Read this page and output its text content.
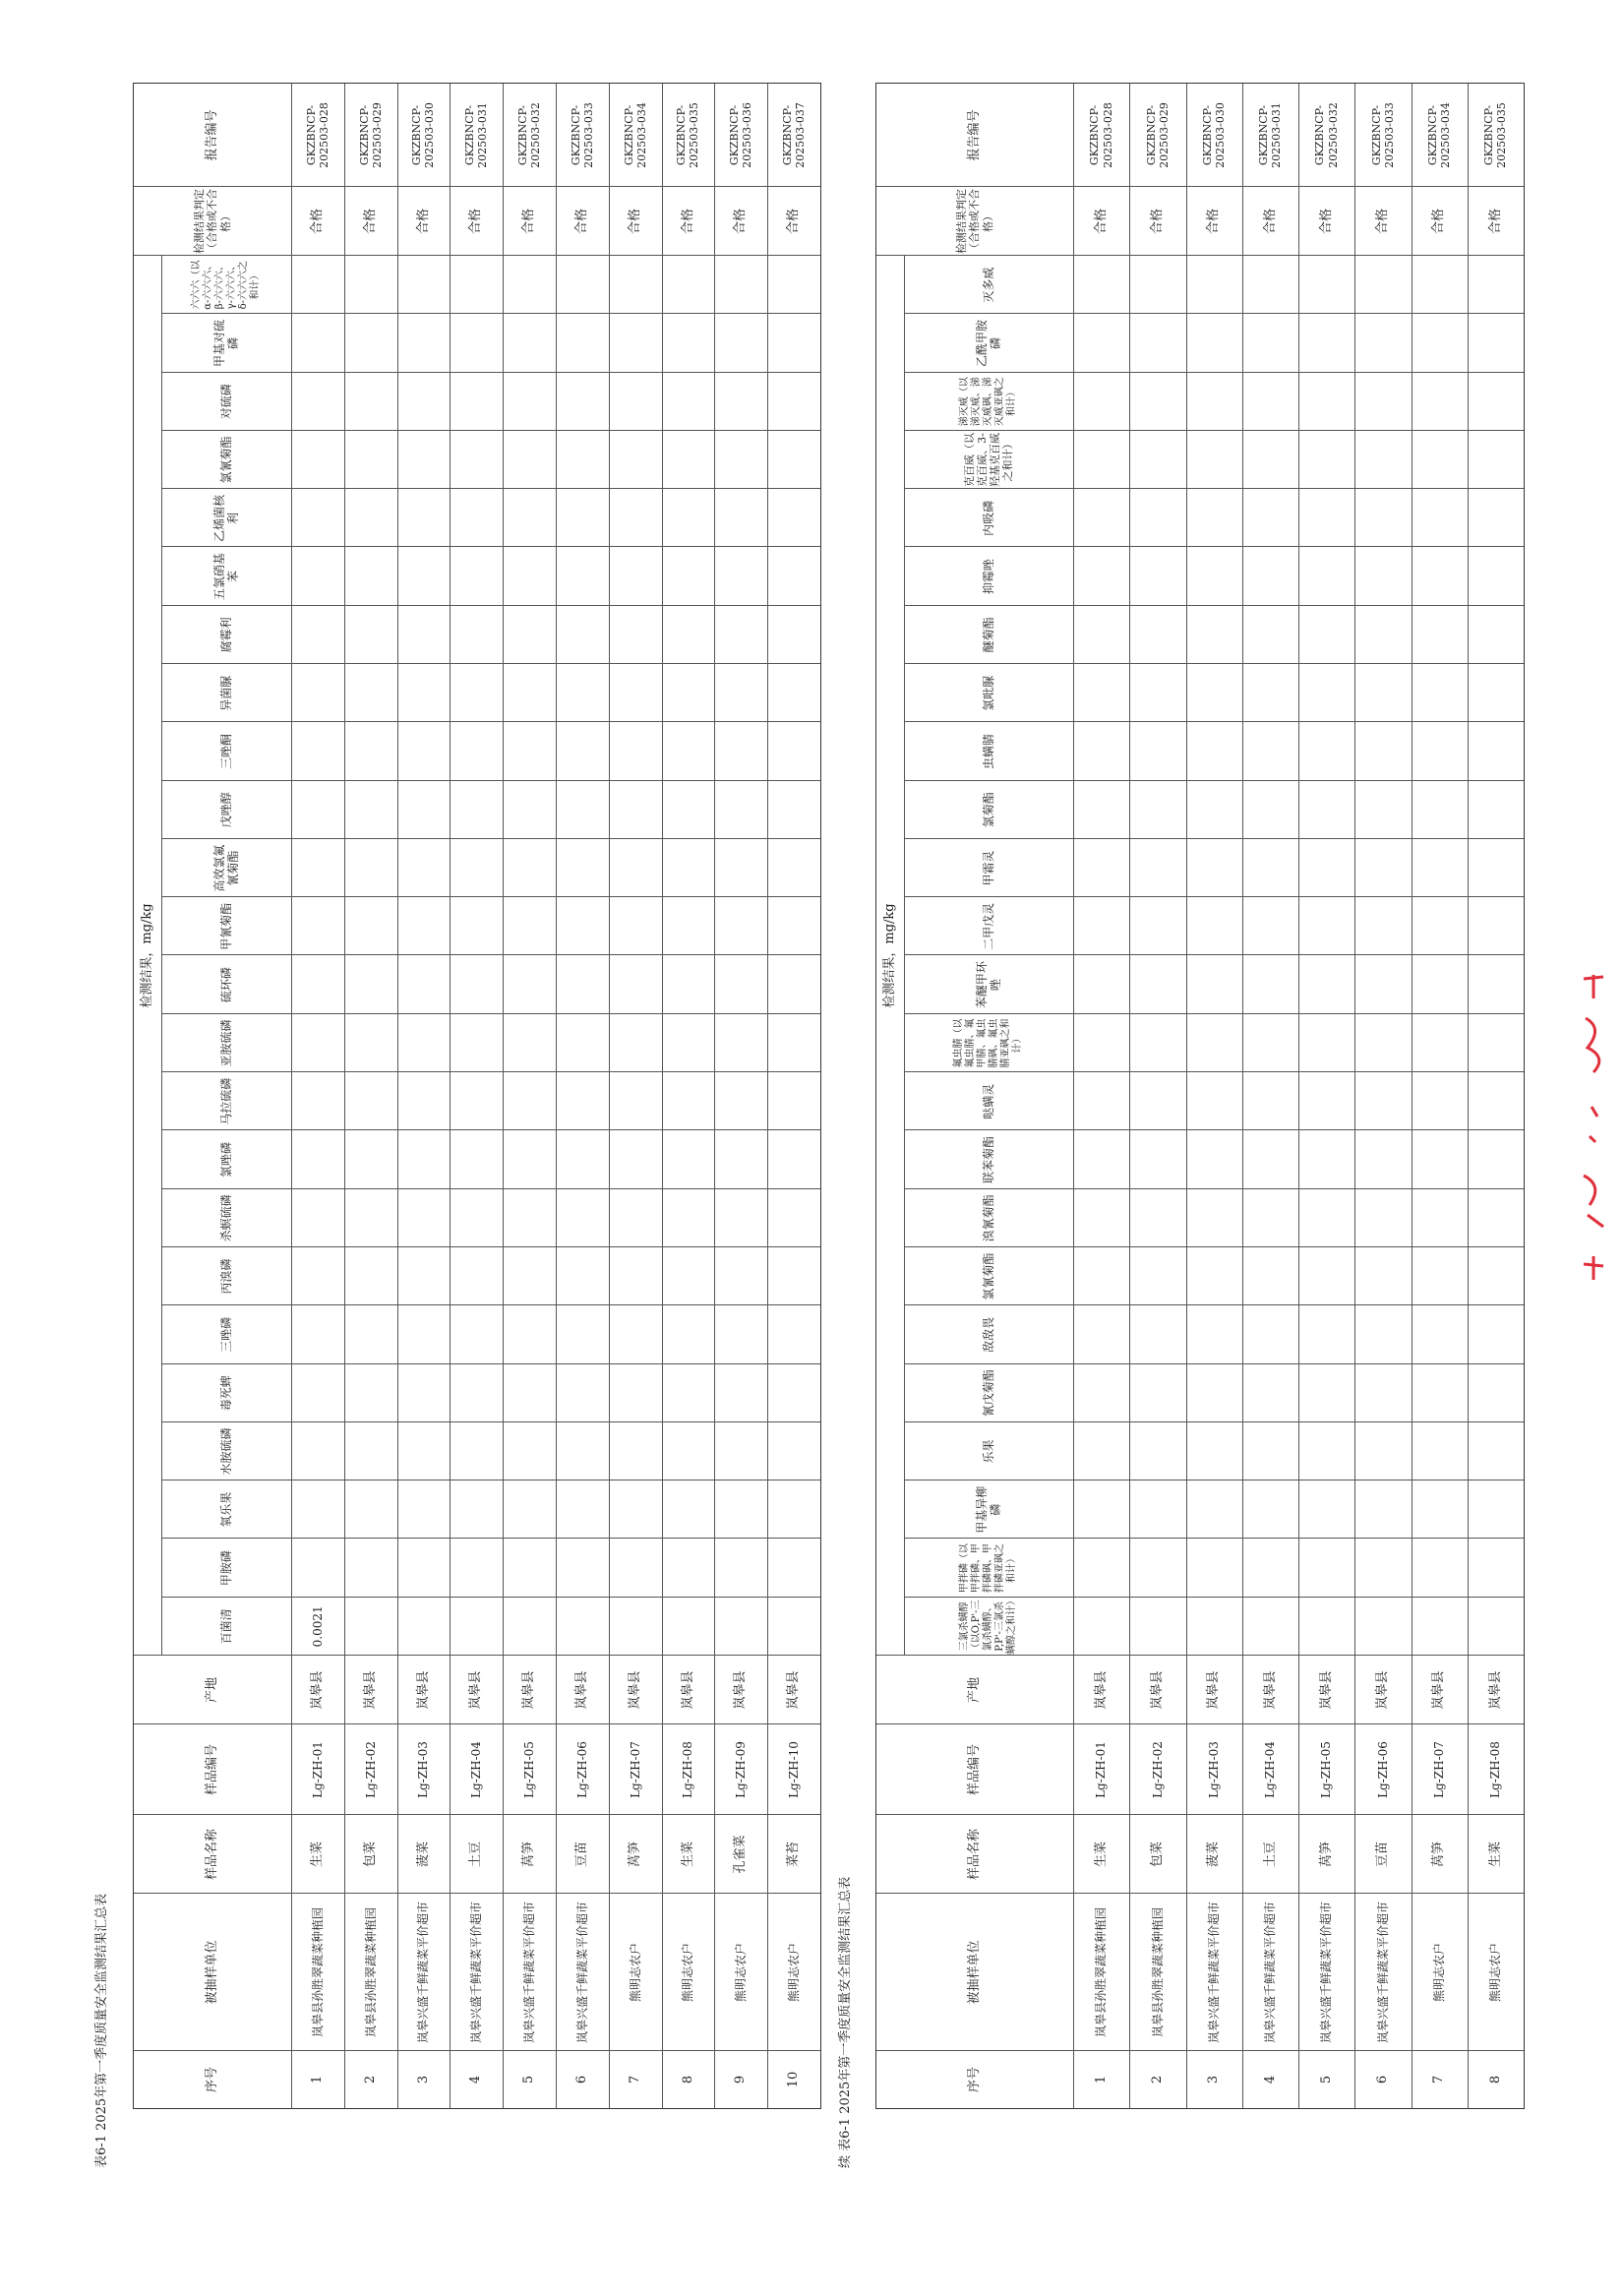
表6-1 2025年第一季度质量安全监测结果汇总表
检测结果，mg/kg
序号
被抽样单位
样品名称
样品编号
产地
百菌清
甲胺磷
氧乐果
水胺硫磷
毒死蜱
三唑磷
丙溴磷
杀螟硫磷
氯唑磷
马拉硫磷
亚胺硫磷
硫环磷
甲氰菊酯
高效氯氟氰菊酯
戊唑醇
三唑酮
异菌脲
腐霉利
五氯硝基苯
乙烯菌核利
氯氰菊酯
对硫磷
甲基对硫磷
六六六（以α-六六六、β-六六六、γ-六六六、δ-六六六之和计）
检测结果判定（合格或不合格）
报告编号
1
岚皋县孙胜翠蔬菜种植园
生菜
Lg-ZH-01
岚皋县
0.0021
合格
GKZBNCP-202503-028
2
岚皋县孙胜翠蔬菜种植园
包菜
Lg-ZH-02
岚皋县
合格
GKZBNCP-202503-029
3
岚皋兴盛千鲜蔬菜平价超市
菠菜
Lg-ZH-03
岚皋县
合格
GKZBNCP-202503-030
4
岚皋兴盛千鲜蔬菜平价超市
土豆
Lg-ZH-04
岚皋县
合格
GKZBNCP-202503-031
5
岚皋兴盛千鲜蔬菜平价超市
莴笋
Lg-ZH-05
岚皋县
合格
GKZBNCP-202503-032
6
岚皋兴盛千鲜蔬菜平价超市
豆苗
Lg-ZH-06
岚皋县
合格
GKZBNCP-202503-033
7
熊明志农户
莴笋
Lg-ZH-07
岚皋县
合格
GKZBNCP-202503-034
8
熊明志农户
生菜
Lg-ZH-08
岚皋县
合格
GKZBNCP-202503-035
9
熊明志农户
孔雀菜
Lg-ZH-09
岚皋县
合格
GKZBNCP-202503-036
10
熊明志农户
菜苔
Lg-ZH-10
岚皋县
合格
GKZBNCP-202503-037
续 表6-1 2025年第一季度质量安全监测结果汇总表
检测结果，mg/kg
序号
被抽样单位
样品名称
样品编号
产地
三氯杀螨醇（以O,P'-三氯杀螨醇、P,P'-三氯杀螨醇之和计）
甲拌磷（以甲拌磷、甲拌磷砜、甲拌磷亚砜之和计）
甲基异柳磷
乐果
氰戊菊酯
敌敌畏
氯氰菊酯
溴氰菊酯
联苯菊酯
哒螨灵
氟虫腈（以氟虫腈、氟甲腈、氟虫腈砜、氟虫腈亚砜之和计）
苯醚甲环唑
二甲戊灵
甲霜灵
氯菊酯
虫螨腈
氯吡脲
醚菊酯
抑霉唑
内吸磷
克百威（以克百威、3-羟基克百威之和计）
涕灭威（以涕灭威、涕灭威砜、涕灭威亚砜之和计）
乙酰甲胺磷
灭多威
检测结果判定（合格或不合格）
报告编号
1
岚皋县孙胜翠蔬菜种植园
生菜
Lg-ZH-01
岚皋县
合格
GKZBNCP-202503-028
2
岚皋县孙胜翠蔬菜种植园
包菜
Lg-ZH-02
岚皋县
合格
GKZBNCP-202503-029
3
岚皋兴盛千鲜蔬菜平价超市
菠菜
Lg-ZH-03
岚皋县
合格
GKZBNCP-202503-030
4
岚皋兴盛千鲜蔬菜平价超市
土豆
Lg-ZH-04
岚皋县
合格
GKZBNCP-202503-031
5
岚皋兴盛千鲜蔬菜平价超市
莴笋
Lg-ZH-05
岚皋县
合格
GKZBNCP-202503-032
6
岚皋兴盛千鲜蔬菜平价超市
豆苗
Lg-ZH-06
岚皋县
合格
GKZBNCP-202503-033
7
熊明志农户
莴笋
Lg-ZH-07
岚皋县
合格
GKZBNCP-202503-034
8
熊明志农户
生菜
Lg-ZH-08
岚皋县
合格
GKZBNCP-202503-035
